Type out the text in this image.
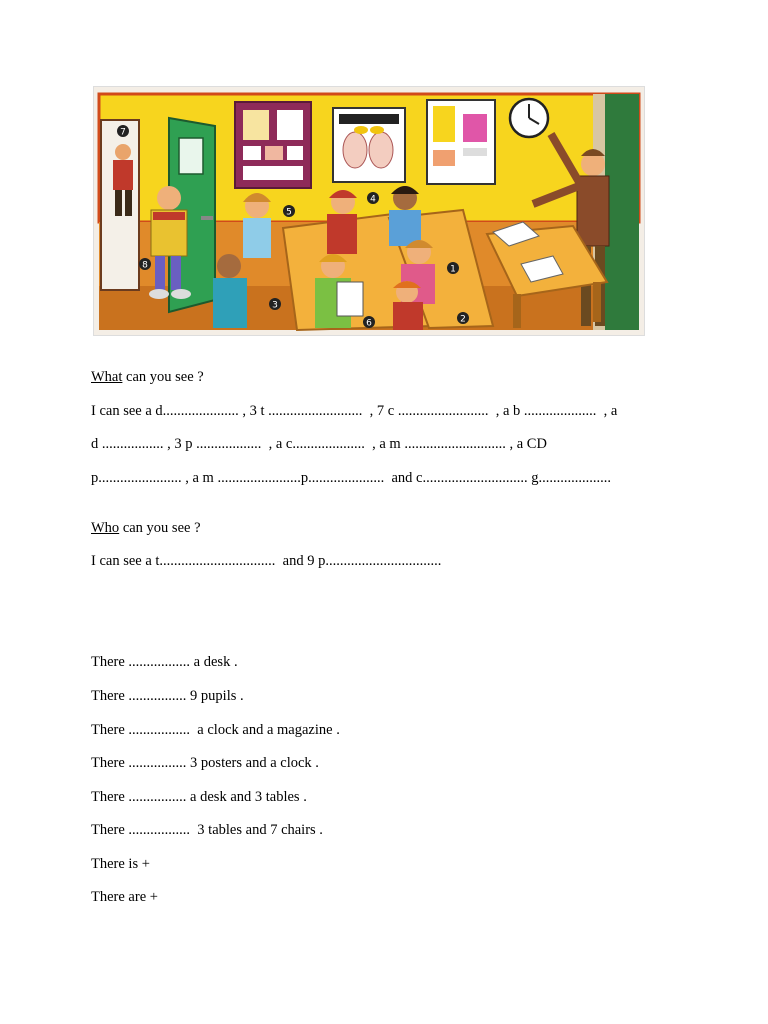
7
8
5
4
3
6
1
2
What can you see ?
I can see a d..................... , 3 t ..........................  , 7 c .........................  , a b ....................  , a
d ................. , 3 p ..................  , a c....................  , a m ............................ , a CD
p....................... , a m .......................p.....................  and c............................. g....................
Who can you see ?
I can see a t................................  and 9 p................................
There ................. a desk .
There ................ 9 pupils .
There .................  a clock and a magazine .
There ................ 3 posters and a clock .
There ................ a desk and 3 tables .
There .................  3 tables and 7 chairs .
There is +
There are +
